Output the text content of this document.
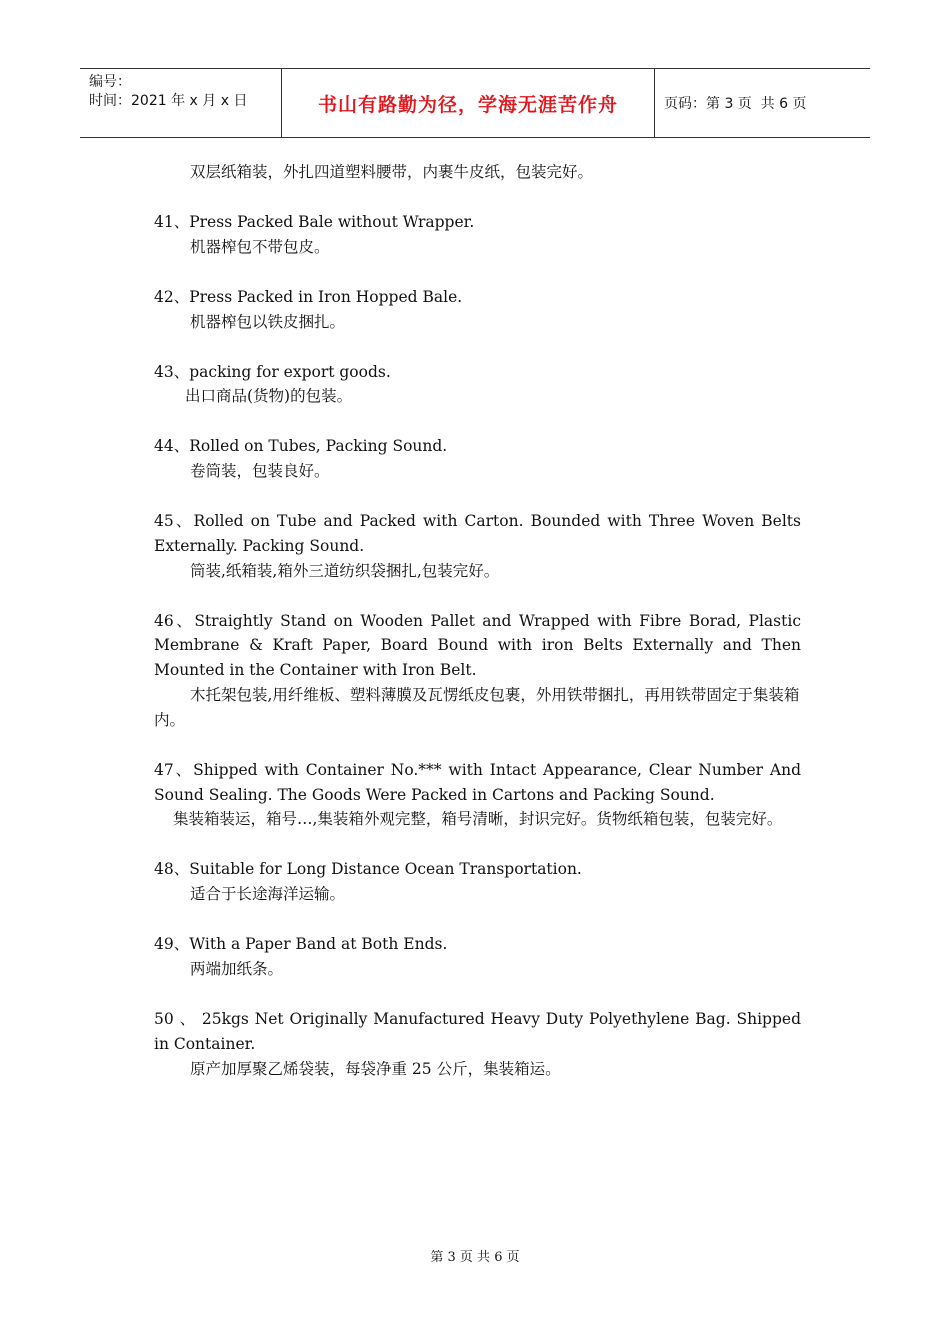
编号：
时间：2021 年 x 月 x 日	书山有路勤为径，学海无涯苦作舟	页码：第 3 页  共 6 页

双层纸箱装，外扎四道塑料腰带，内裹牛皮纸，包装完好。

41、Press Packed Bale without Wrapper.

机器榨包不带包皮。

42、Press Packed in Iron Hopped Bale.

机器榨包以铁皮捆扎。

43、packing for export goods.

出口商品(货物)的包装。

44、Rolled on Tubes, Packing Sound.

卷筒装，包装良好。

45、Rolled on Tube and Packed with Carton. Bounded with Three Woven Belts Externally. Packing Sound.

筒装,纸箱装,箱外三道纺织袋捆扎,包装完好。

46、Straightly Stand on Wooden Pallet and Wrapped with Fibre Borad, Plastic Membrane & Kraft Paper, Board Bound with iron Belts Externally and Then Mounted in the Container with Iron Belt.

木托架包装,用纤维板、塑料薄膜及瓦愣纸皮包裹，外用铁带捆扎，再用铁带固定于集装箱内。

47、Shipped with Container No.*** with Intact Appearance, Clear Number And Sound Sealing. The Goods Were Packed in Cartons and Packing Sound.

集装箱装运，箱号…,集装箱外观完整，箱号清晰，封识完好。货物纸箱包装，包装完好。

48、Suitable for Long Distance Ocean Transportation.

适合于长途海洋运输。

49、With a Paper Band at Both Ends.

两端加纸条。

50 、 25kgs Net Originally Manufactured Heavy Duty Polyethylene Bag. Shipped in Container.

原产加厚聚乙烯袋装，每袋净重 25 公斤，集装箱运。

第 3 页 共 6 页
